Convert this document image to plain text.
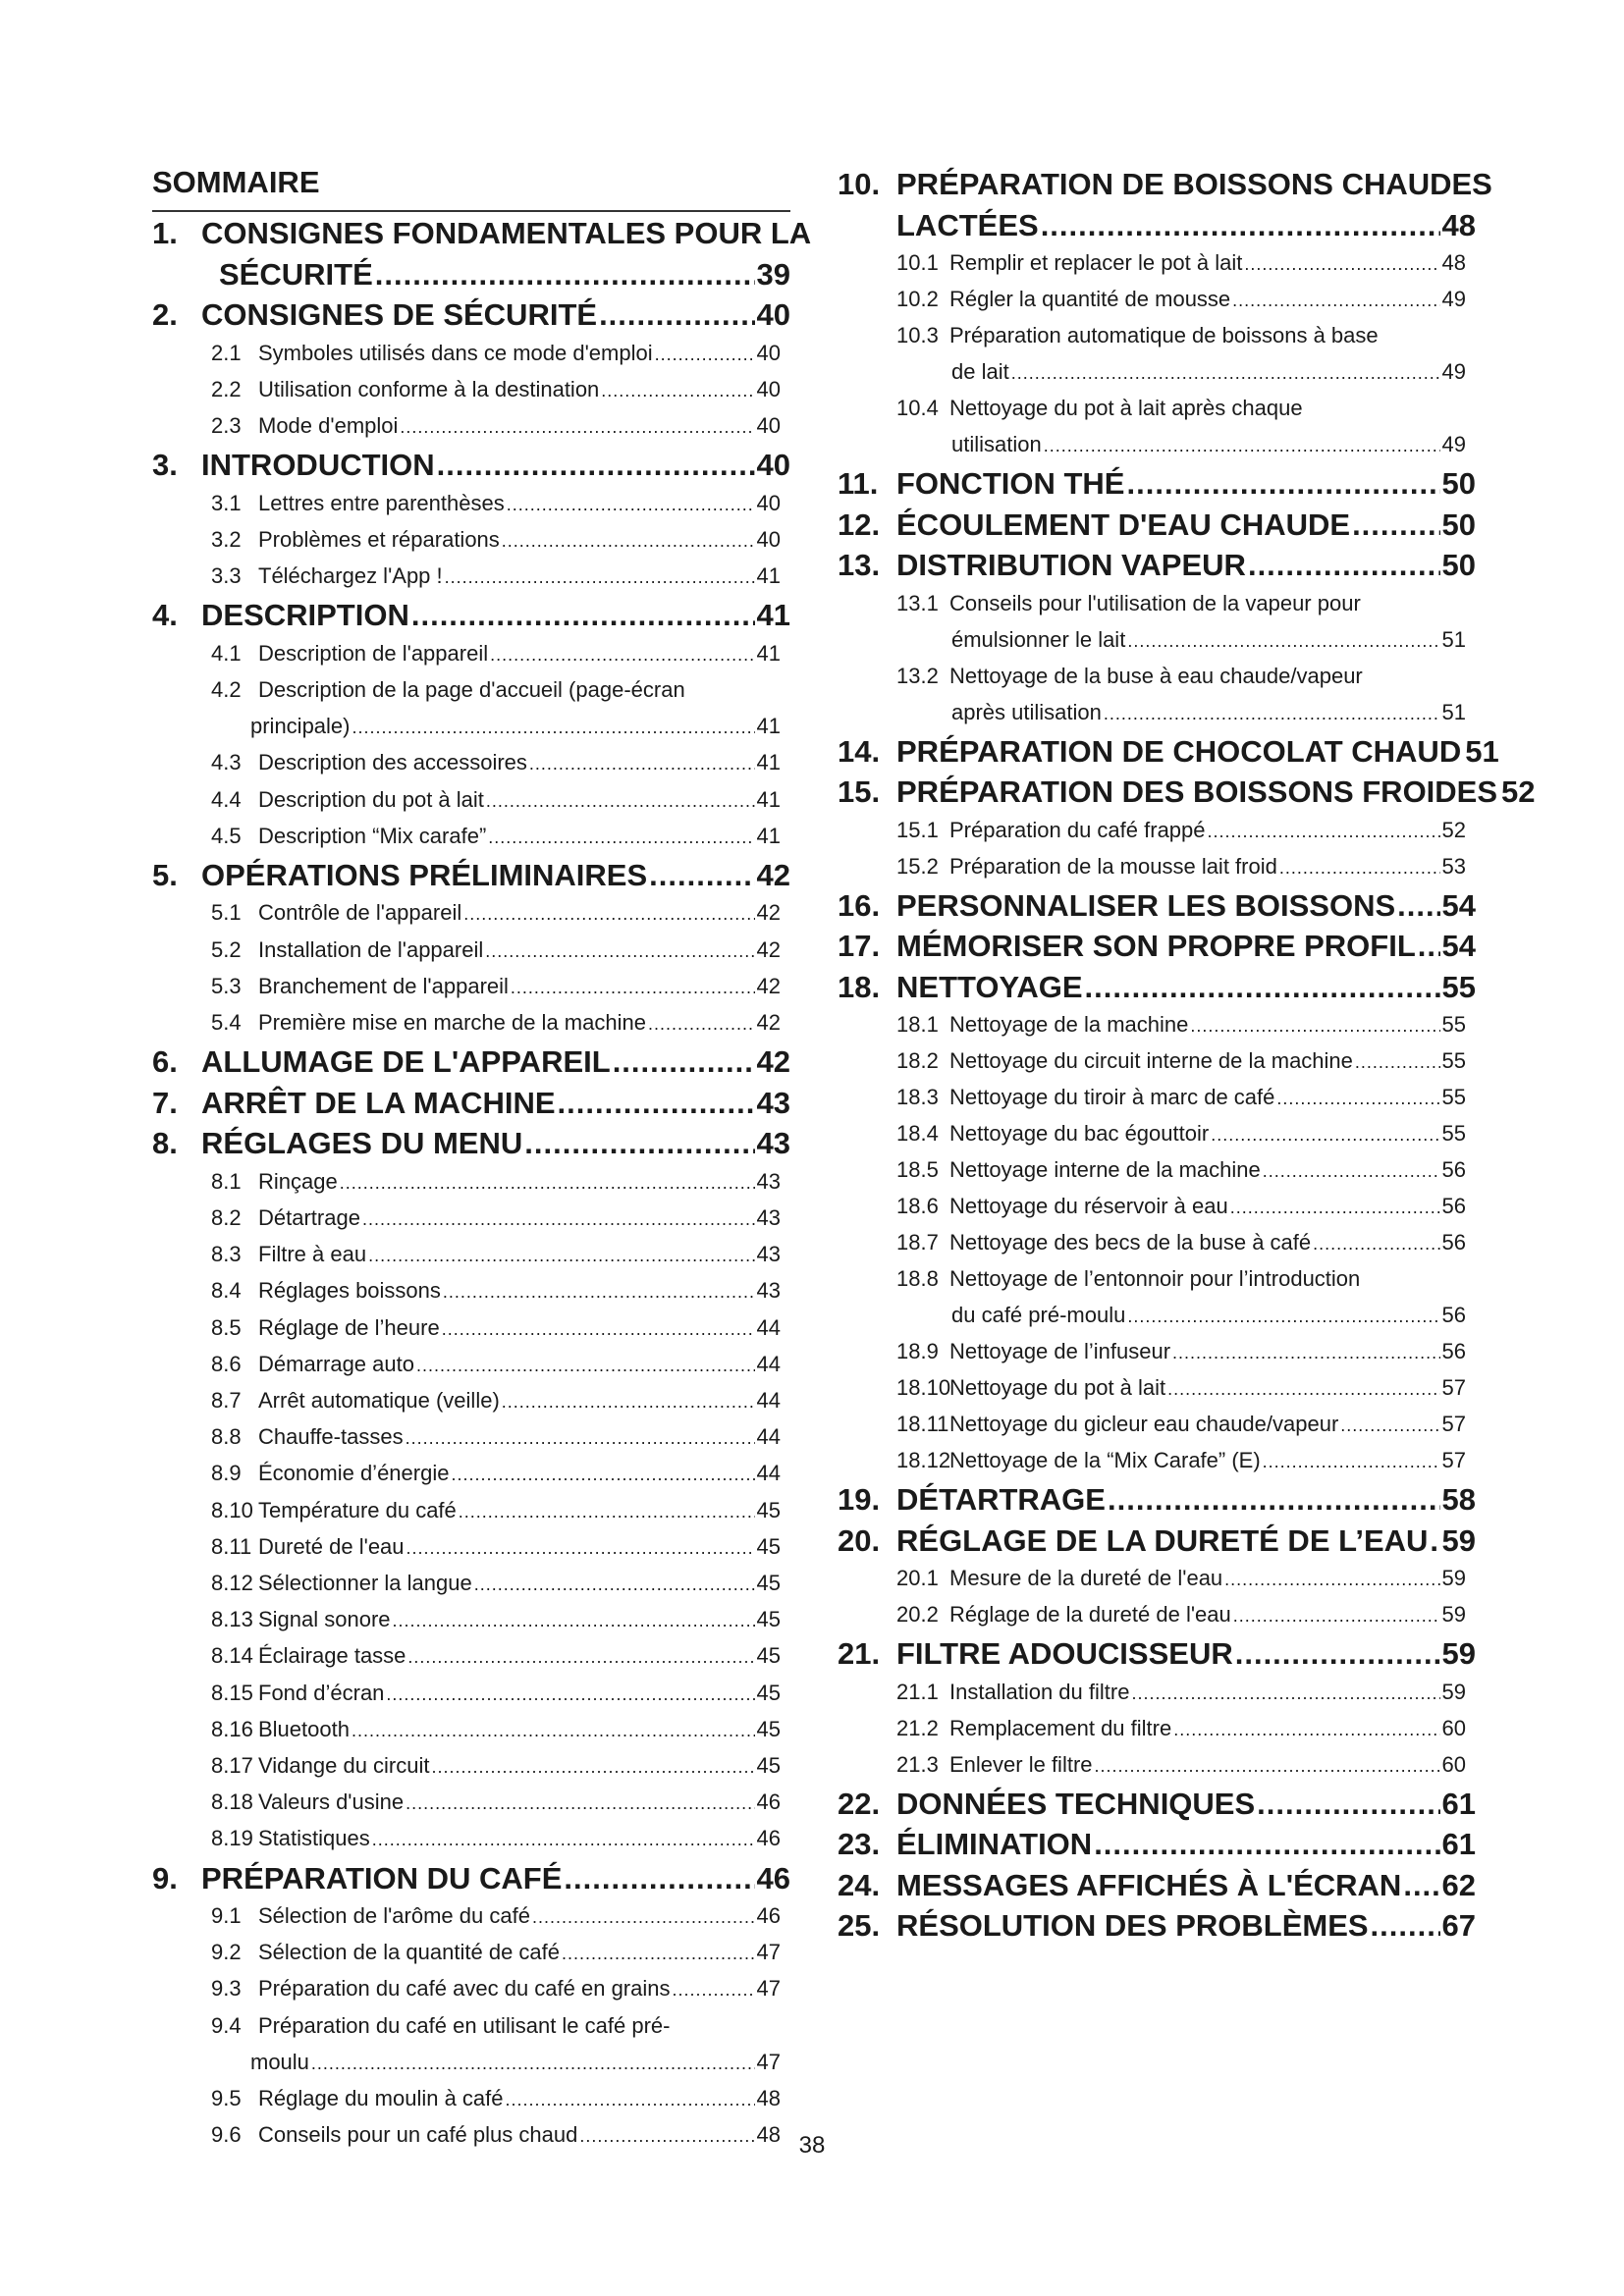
SOMMAIRE
1. CONSIGNES FONDAMENTALES POUR LA
SÉCURITÉ .....	39
2. CONSIGNES DE SÉCURITÉ .....	40
2.1 Symboles utilisés dans ce mode d'emploi .....	40
2.2 Utilisation conforme à la destination .....	40
2.3 Mode d'emploi .....	40
3. INTRODUCTION .....	40
3.1 Lettres entre parenthèses .....	40
3.2 Problèmes et réparations .....	40
3.3 Téléchargez l'App ! .....	41
4. DESCRIPTION .....	41
4.1 Description de l'appareil .....	41
4.2 Description de la page d'accueil (page-écran
principale) .....	41
4.3 Description des accessoires .....	41
4.4 Description du pot à lait .....	41
4.5 Description “Mix carafe” .....	41
5. OPÉRATIONS PRÉLIMINAIRES .....	42
5.1 Contrôle de l'appareil .....	42
5.2 Installation de l'appareil .....	42
5.3 Branchement de l'appareil .....	42
5.4 Première mise en marche de la machine .....	42
6. ALLUMAGE DE L'APPAREIL .....	42
7. ARRÊT DE LA MACHINE .....	43
8. RÉGLAGES DU MENU .....	43
8.1 Rinçage .....	43
8.2 Détartrage .....	43
8.3 Filtre à eau .....	43
8.4 Réglages boissons .....	43
8.5 Réglage de l’heure .....	44
8.6 Démarrage auto .....	44
8.7 Arrêt automatique (veille) .....	44
8.8 Chauffe-tasses .....	44
8.9 Économie d’énergie .....	44
8.10 Température du café .....	45
8.11 Dureté de l'eau .....	45
8.12 Sélectionner la langue .....	45
8.13 Signal sonore .....	45
8.14 Éclairage tasse .....	45
8.15 Fond d’écran .....	45
8.16 Bluetooth .....	45
8.17 Vidange du circuit .....	45
8.18 Valeurs d'usine .....	46
8.19 Statistiques .....	46
9. PRÉPARATION DU CAFÉ .....	46
9.1 Sélection de l'arôme du café .....	46
9.2 Sélection de la quantité de café .....	47
9.3 Préparation du café avec du café en grains .....	47
9.4 Préparation du café en utilisant le café pré-
moulu .....	47
9.5 Réglage du moulin à café .....	48
9.6 Conseils pour un café plus chaud .....	48
10. PRÉPARATION DE BOISSONS CHAUDES
LACTÉES .....	48
10.1 Remplir et replacer le pot à lait .....	48
10.2 Régler la quantité de mousse .....	49
10.3 Préparation automatique de boissons à base
de lait .....	49
10.4 Nettoyage du pot à lait après chaque
utilisation .....	49
11. FONCTION THÉ .....	50
12. ÉCOULEMENT D'EAU CHAUDE .....	50
13. DISTRIBUTION VAPEUR .....	50
13.1 Conseils pour l'utilisation de la vapeur pour
émulsionner le lait .....	51
13.2 Nettoyage de la buse à eau chaude/vapeur
après utilisation .....	51
14. PRÉPARATION DE CHOCOLAT CHAUD 51
15. PRÉPARATION DES BOISSONS FROIDES 52
15.1 Préparation du café frappé .....	52
15.2 Préparation de la mousse lait froid .....	53
16. PERSONNALISER LES BOISSONS ..... 54
17. MÉMORISER SON PROPRE PROFIL ..... 54
18. NETTOYAGE .....	55
18.1 Nettoyage de la machine .....	55
18.2 Nettoyage du circuit interne de la machine .....	55
18.3 Nettoyage du tiroir à marc de café .....	55
18.4 Nettoyage du bac égouttoir .....	55
18.5 Nettoyage interne de la machine .....	56
18.6 Nettoyage du réservoir à eau .....	56
18.7 Nettoyage des becs de la buse à café .....	56
18.8 Nettoyage de l’entonnoir pour l’introduction
du café pré-moulu .....	56
18.9 Nettoyage de l’infuseur .....	56
18.10
Nettoyage du pot à lait .....	57
18.11 Nettoyage du gicleur eau chaude/vapeur .....	57
18.12
Nettoyage de la “Mix Carafe” (E) .....	57
19. DÉTARTRAGE .....	58
20. RÉGLAGE DE LA DURETÉ DE L’EAU ..... 59
20.1 Mesure de la dureté de l'eau .....	59
20.2 Réglage de la dureté de l'eau .....	59
21. FILTRE ADOUCISSEUR .....	59
21.1 Installation du filtre .....	59
21.2 Remplacement du filtre .....	60
21.3 Enlever le filtre .....	60
22. DONNÉES TECHNIQUES .....	61
23. ÉLIMINATION .....	61
24. MESSAGES AFFICHÉS À L'ÉCRAN ..... 62
25. RÉSOLUTION DES PROBLÈMES ..... 67
38
